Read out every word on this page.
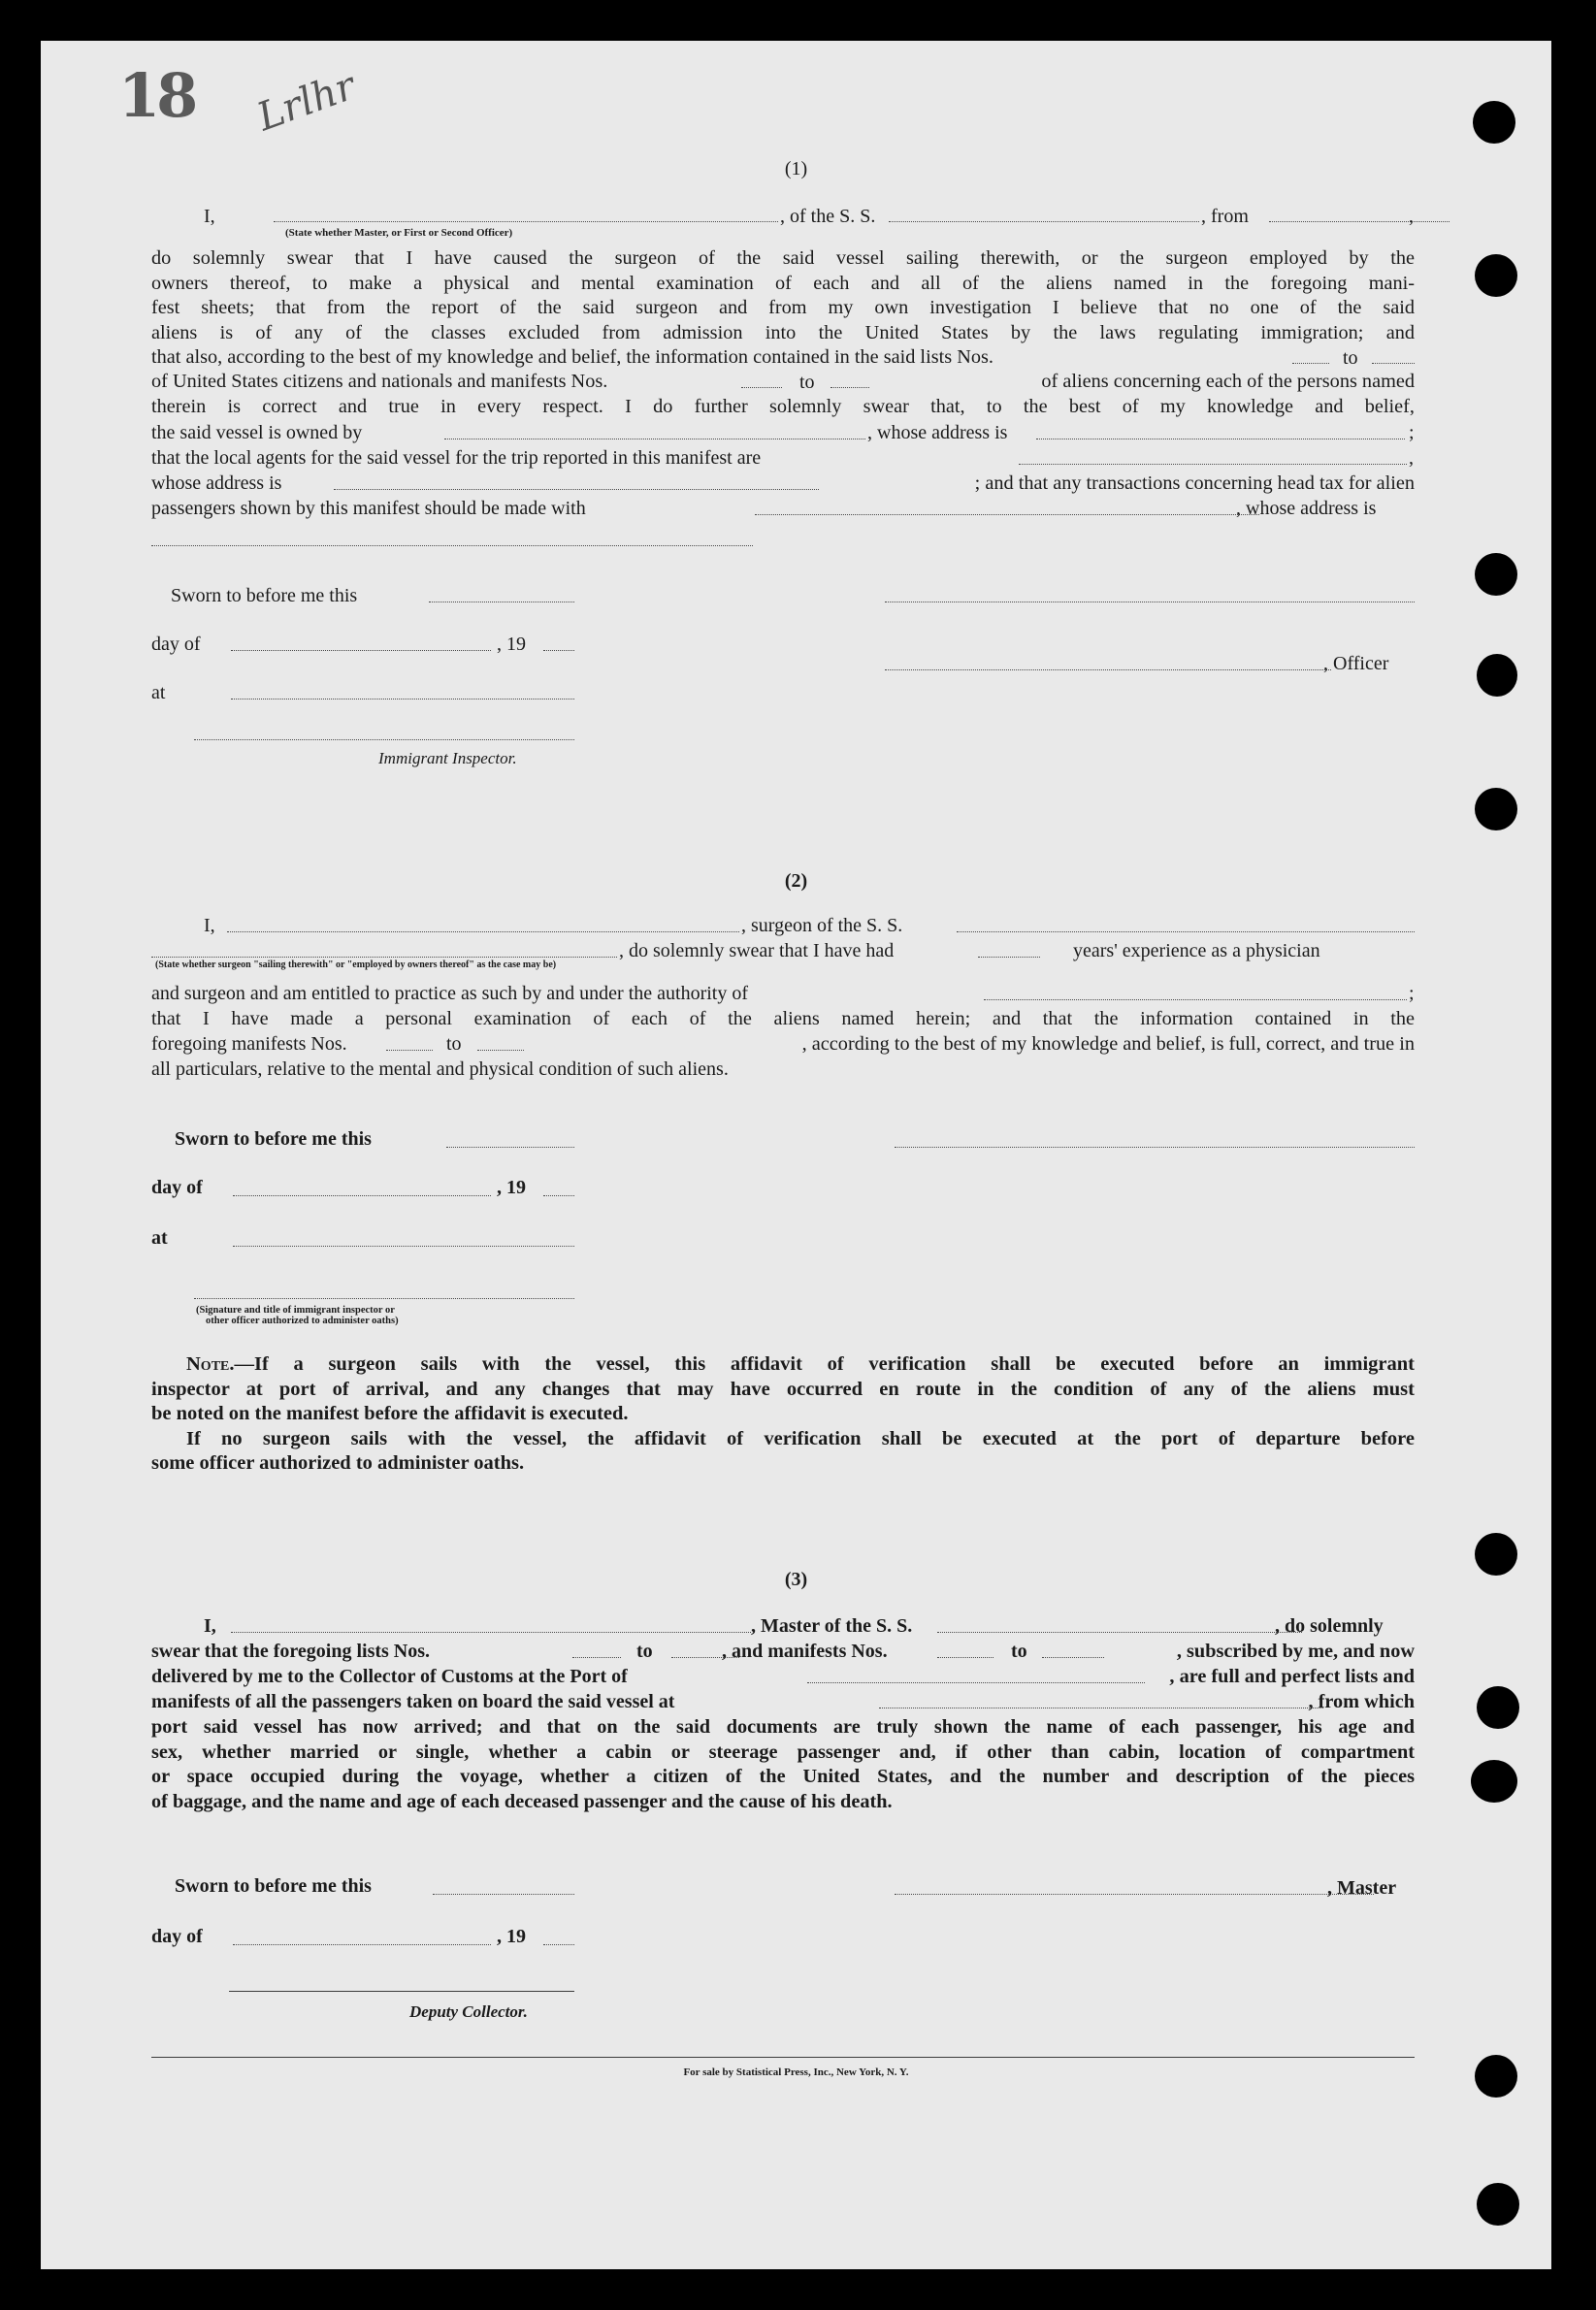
18 Lrlhr
(1)
I,	, of the S. S.	, from	,
(State whether Master, or First or Second Officer)
do solemnly swear that I have caused the surgeon of the said vessel sailing therewith, or the surgeon employed by the
owners thereof, to make a physical and mental examination of each and all of the aliens named in the foregoing mani-
fest sheets; that from the report of the said surgeon and from my own investigation I believe that no one of the said
aliens is of any of the classes excluded from admission into the United States by the laws regulating immigration; and
that also, according to the best of my knowledge and belief, the information contained in the said lists Nos.	to
of United States citizens and nationals and manifests Nos.	to	of aliens concerning each of the persons named
therein is correct and true in every respect. I do further solemnly swear that, to the best of my knowledge and belief,
the said vessel is owned by	, whose address is	;
that the local agents for the said vessel for the trip reported in this manifest are	,
whose address is	; and that any transactions concerning head tax for alien
passengers shown by this manifest should be made with	, whose address is
Sworn to before me this
day of	, 19
, Officer
at
Immigrant Inspector.
(2)
I,	, surgeon of the S. S.
, do solemnly swear that I have had	years' experience as a physician
(State whether surgeon "sailing therewith" or "employed by owners thereof" as the case may be)
and surgeon and am entitled to practice as such by and under the authority of	;
that I have made a personal examination of each of the aliens named herein; and that the information contained in the
foregoing manifests Nos.	to	, according to the best of my knowledge and belief, is full, correct, and true in
all particulars, relative to the mental and physical condition of such aliens.
Sworn to before me this
day of	, 19
at
(Signature and title of immigrant inspector or
other officer authorized to administer oaths)
Note.—If a surgeon sails with the vessel, this affidavit of verification shall be executed before an immigrant
inspector at port of arrival, and any changes that may have occurred en route in the condition of any of the aliens must
be noted on the manifest before the affidavit is executed.
If no surgeon sails with the vessel, the affidavit of verification shall be executed at the port of departure before
some officer authorized to administer oaths.
(3)
I,	, Master of the S. S.	, do solemnly
swear that the foregoing lists Nos.	to	, and manifests Nos.	to	, subscribed by me, and now
delivered by me to the Collector of Customs at the Port of	, are full and perfect lists and
manifests of all the passengers taken on board the said vessel at	, from which
port said vessel has now arrived; and that on the said documents are truly shown the name of each passenger, his age and
sex, whether married or single, whether a cabin or steerage passenger and, if other than cabin, location of compartment
or space occupied during the voyage, whether a citizen of the United States, and the number and description of the pieces
of baggage, and the name and age of each deceased passenger and the cause of his death.
Sworn to before me this	, Master
day of	, 19
Deputy Collector.
For sale by Statistical Press, Inc., New York, N. Y.
